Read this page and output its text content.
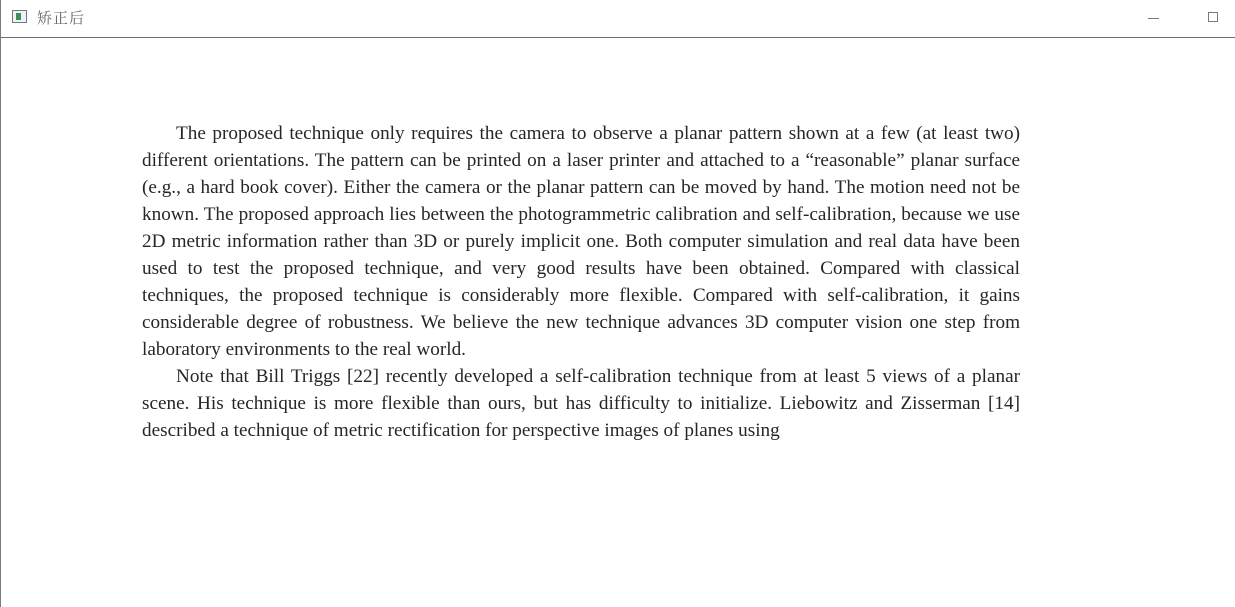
矫正后

The proposed technique only requires the camera to observe a planar pattern shown at a few (at least two) different orientations. The pattern can be printed on a laser printer and attached to a “reasonable” planar surface (e.g., a hard book cover). Either the camera or the planar pattern can be moved by hand. The motion need not be known. The proposed approach lies between the photogrammetric calibration and self-calibration, because we use 2D metric information rather than 3D or purely implicit one. Both computer simulation and real data have been used to test the proposed technique, and very good results have been obtained. Compared with classical techniques, the proposed technique is considerably more flexible. Compared with self-calibration, it gains considerable degree of robustness. We believe the new technique advances 3D computer vision one step from laboratory environments to the real world.

Note that Bill Triggs [22] recently developed a self-calibration technique from at least 5 views of a planar scene. His technique is more flexible than ours, but has difficulty to initialize. Liebowitz and Zisserman [14] described a technique of metric rectification for perspective images of planes using
